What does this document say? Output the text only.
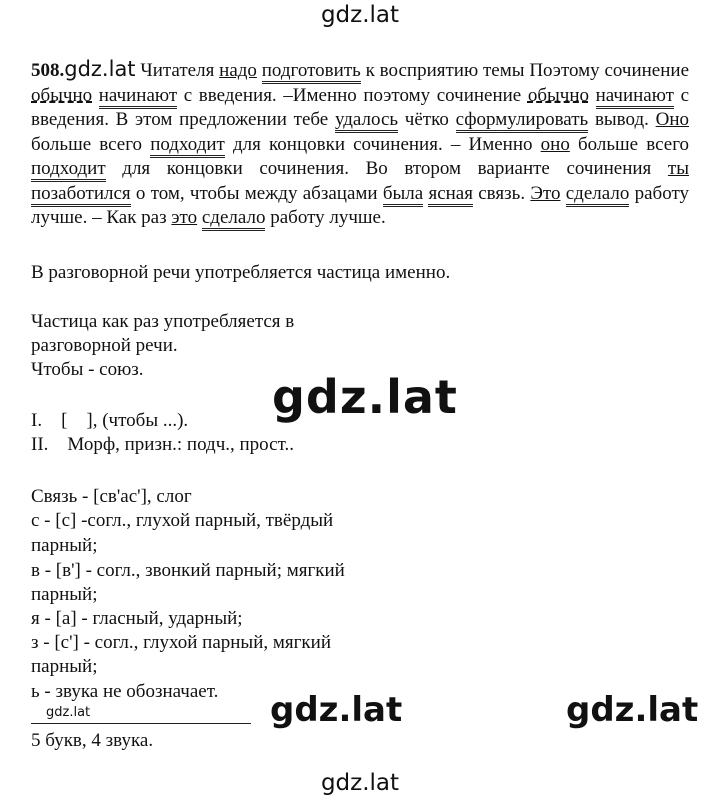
gdz.lat
508.gdz.lat Читателя надо подготовить к восприятию темы Поэтому сочинение обычно начинают с введения. –Именно поэтому сочинение обычно начинают с введения. В этом предложении тебе удалось чётко сформулировать вывод. Оно больше всего подходит для концовки сочинения. – Именно оно больше всего подходит для концовки сочинения. Во втором варианте сочинения ты позаботился о том, чтобы между абзацами была ясная связь. Это сделало работу лучше. – Как раз это сделало работу лучше.
В разговорной речи употребляется частица именно.
Частица как раз употребляется в
разговорной речи.
Чтобы - союз.
gdz.lat
I.    [    ], (чтобы ...).
II.    Морф, призн.: подч., прост..
Связь - [св'ас'], слог
с - [с] -согл., глухой парный, твёрдый
парный;
в - [в'] - согл., звонкий парный; мягкий
парный;
я - [а] - гласный, ударный;
з - [с'] - согл., глухой парный, мягкий
парный;
ь - звука не обозначает. gdz.lat	gdz.lat
gdz.lat
5 букв, 4 звука.
gdz.lat
